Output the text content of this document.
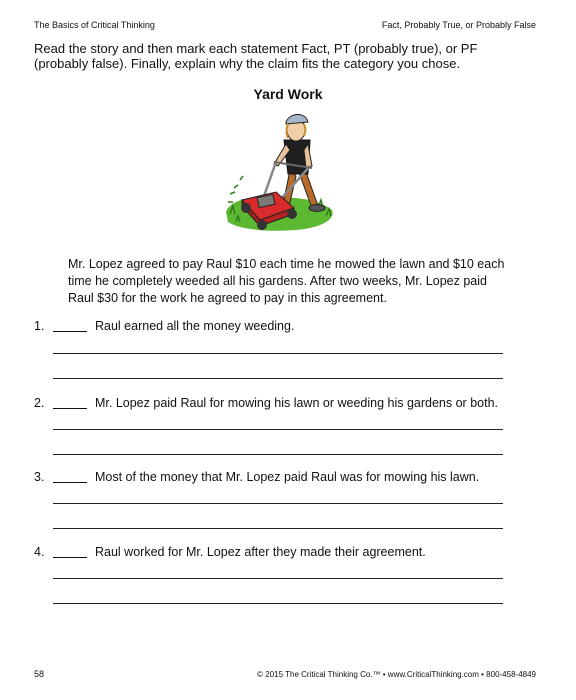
The Basics of Critical Thinking	Fact, Probably True, or Probably False
Read the story and then mark each statement Fact, PT (probably true), or PF (probably false). Finally, explain why the claim fits the category you chose.
Yard Work
Mr. Lopez agreed to pay Raul $10 each time he mowed the lawn and $10 each time he completely weeded all his gardens. After two weeks, Mr. Lopez paid Raul $30 for the work he agreed to pay in this agreement.
1.	Raul earned all the money weeding.
2.	Mr. Lopez paid Raul for mowing his lawn or weeding his gardens or both.
3.	Most of the money that Mr. Lopez paid Raul was for mowing his lawn.
4.	Raul worked for Mr. Lopez after they made their agreement.
58	© 2015 The Critical Thinking Co.™ • www.CriticalThinking.com • 800-458-4849
